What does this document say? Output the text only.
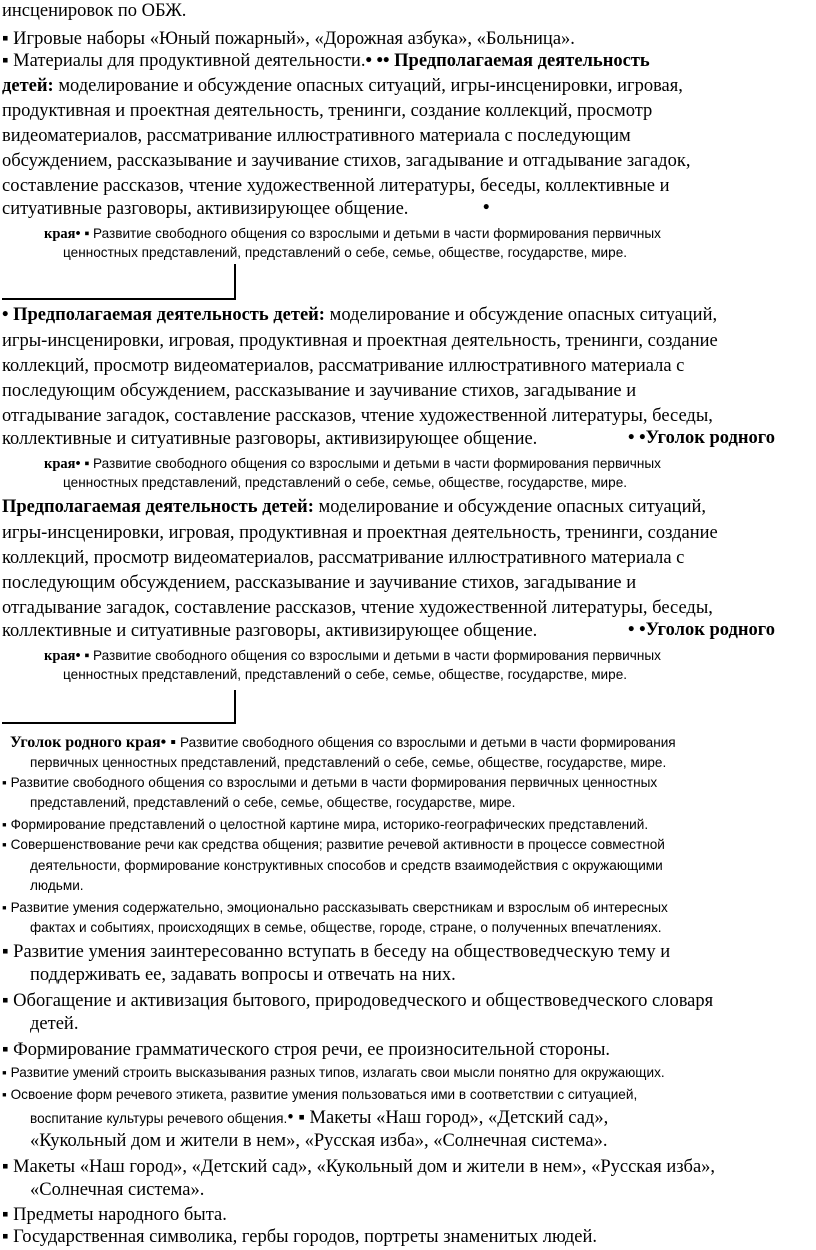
инсценировок по ОБЖ.
▪ Игровые наборы «Юный пожарный», «Дорожная азбука», «Больница».
▪ Материалы для продуктивной деятельности.• •• Предполагаемая деятельность
детей: моделирование и обсуждение опасных ситуаций, игры-инсценировки, игровая,
продуктивная и проектная деятельность, тренинги, создание коллекций, просмотр
видеоматериалов, рассматривание иллюстративного материала с последующим
обсуждением, рассказывание и заучивание стихов, загадывание и отгадывание загадок,
составление рассказов, чтение художественной литературы, беседы, коллективные и
ситуативные разговоры, активизирующее общение.	•
края• ▪ Развитие свободного общения со взрослыми и детьми в части формирования первичных
ценностных представлений, представлений о себе, семье, обществе, государстве, мире.
• Предполагаемая деятельность детей: моделирование и обсуждение опасных ситуаций,
игры-инсценировки, игровая, продуктивная и проектная деятельность, тренинги, создание
коллекций, просмотр видеоматериалов, рассматривание иллюстративного материала с
последующим обсуждением, рассказывание и заучивание стихов, загадывание и
отгадывание загадок, составление рассказов, чтение художественной литературы, беседы,
коллективные и ситуативные разговоры, активизирующее общение.	• •Уголок родного
края• ▪ Развитие свободного общения со взрослыми и детьми в части формирования первичных
ценностных представлений, представлений о себе, семье, обществе, государстве, мире.
Предполагаемая деятельность детей: моделирование и обсуждение опасных ситуаций,
игры-инсценировки, игровая, продуктивная и проектная деятельность, тренинги, создание
коллекций, просмотр видеоматериалов, рассматривание иллюстративного материала с
последующим обсуждением, рассказывание и заучивание стихов, загадывание и
отгадывание загадок, составление рассказов, чтение художественной литературы, беседы,
коллективные и ситуативные разговоры, активизирующее общение.	• •Уголок родного
края• ▪ Развитие свободного общения со взрослыми и детьми в части формирования первичных
ценностных представлений, представлений о себе, семье, обществе, государстве, мире.
Уголок родного края• ▪ Развитие свободного общения со взрослыми и детьми в части формирования
первичных ценностных представлений, представлений о себе, семье, обществе, государстве, мире.
▪ Развитие свободного общения со взрослыми и детьми в части формирования первичных ценностных
представлений, представлений о себе, семье, обществе, государстве, мире.
▪ Формирование представлений о целостной картине мира, историко-географических представлений.
▪ Совершенствование речи как средства общения; развитие речевой активности в процессе совместной
деятельности, формирование конструктивных способов и средств взаимодействия с окружающими
людьми.
▪ Развитие умения содержательно, эмоционально рассказывать сверстникам и взрослым об интересных
фактах и событиях, происходящих в семье, обществе, городе, стране, о полученных впечатлениях.
▪ Развитие умения заинтересованно вступать в беседу на обществоведческую тему и
поддерживать ее, задавать вопросы и отвечать на них.
▪ Обогащение и активизация бытового, природоведческого и обществоведческого словаря
детей.
▪ Формирование грамматического строя речи, ее произносительной стороны.
▪ Развитие умений строить высказывания разных типов, излагать свои мысли понятно для окружающих.
▪ Освоение форм речевого этикета, развитие умения пользоваться ими в соответствии с ситуацией,
воспитание культуры речевого общения.• ▪ Макеты «Наш город», «Детский сад»,
«Кукольный дом и жители в нем», «Русская изба», «Солнечная система».
▪ Макеты «Наш город», «Детский сад», «Кукольный дом и жители в нем», «Русская изба»,
«Солнечная система».
▪ Предметы народного быта.
▪ Государственная символика, гербы городов, портреты знаменитых людей.
